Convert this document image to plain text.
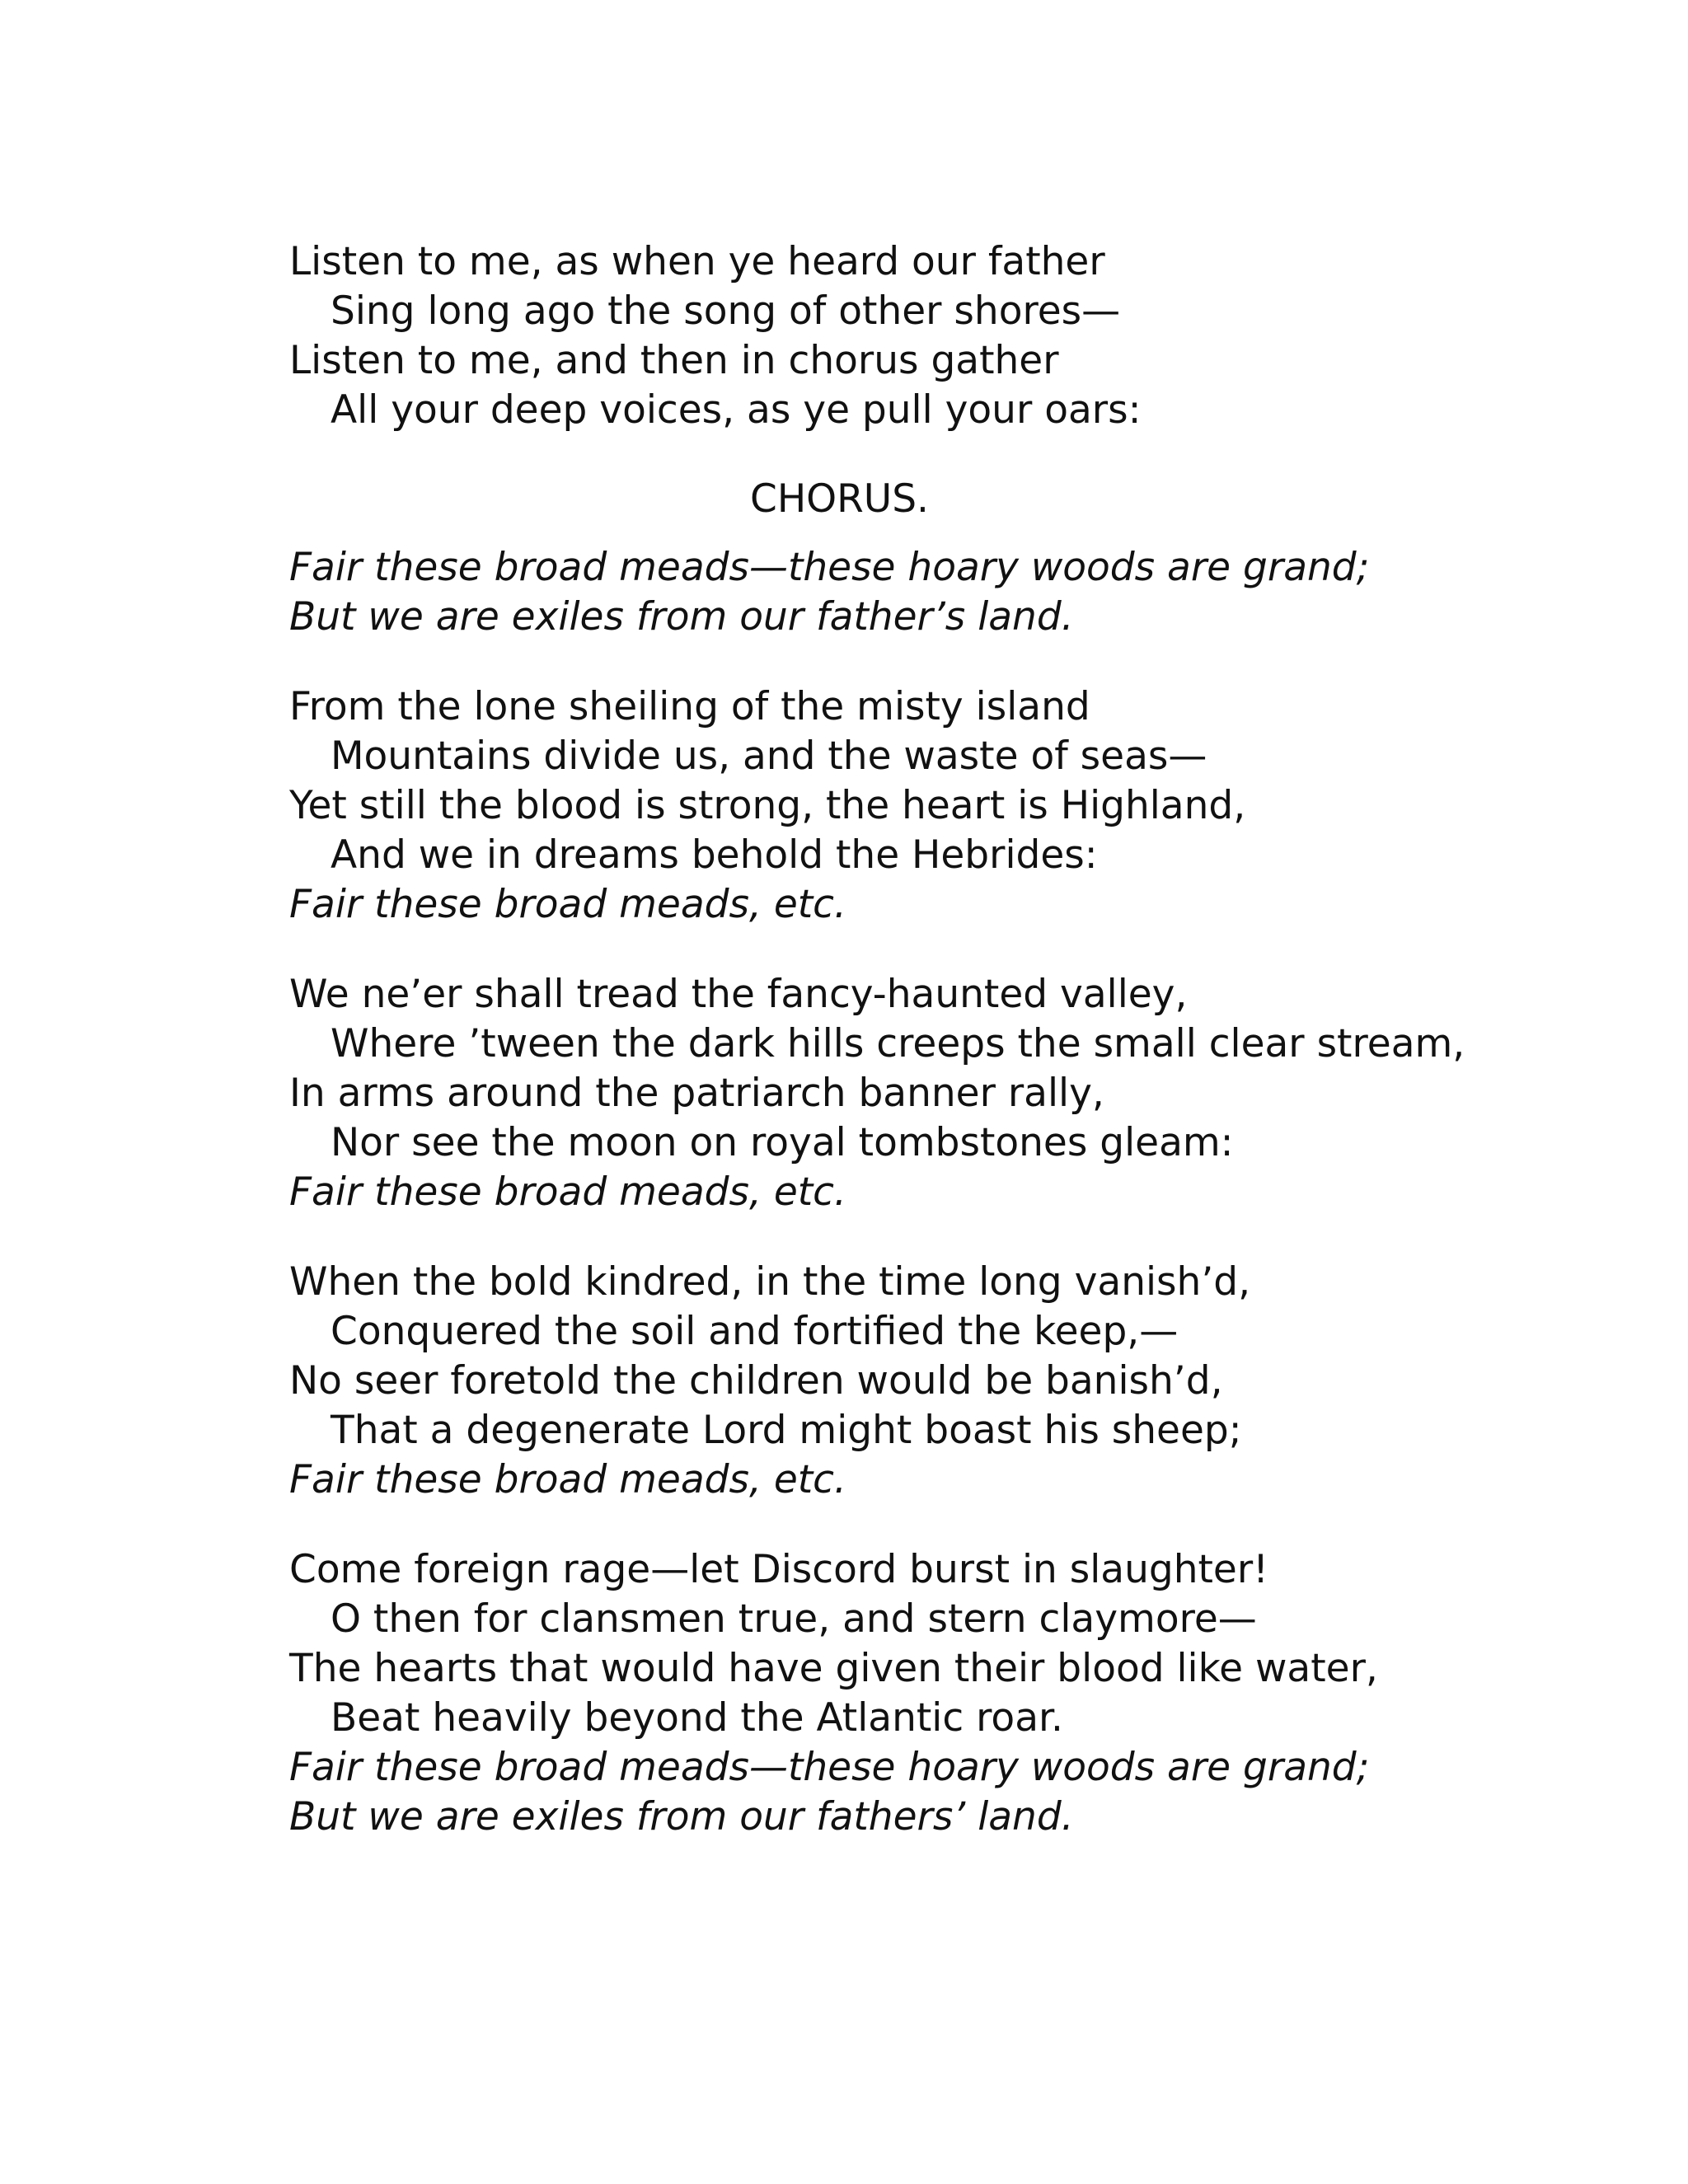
Listen to me, as when ye heard our father
Sing long ago the song of other shores—
Listen to me, and then in chorus gather
All your deep voices, as ye pull your oars:
CHORUS.
Fair these broad meads—these hoary woods are grand;
But we are exiles from our father’s land.
From the lone sheiling of the misty island
Mountains divide us, and the waste of seas—
Yet still the blood is strong, the heart is Highland,
And we in dreams behold the Hebrides:
Fair these broad meads, etc.
We ne’er shall tread the fancy-haunted valley,
Where ’tween the dark hills creeps the small clear stream,
In arms around the patriarch banner rally,
Nor see the moon on royal tombstones gleam:
Fair these broad meads, etc.
When the bold kindred, in the time long vanish’d,
Conquered the soil and fortified the keep,—
No seer foretold the children would be banish’d,
That a degenerate Lord might boast his sheep;
Fair these broad meads, etc.
Come foreign rage—let Discord burst in slaughter!
O then for clansmen true, and stern claymore—
The hearts that would have given their blood like water,
Beat heavily beyond the Atlantic roar.
Fair these broad meads—these hoary woods are grand;
But we are exiles from our fathers’ land.
